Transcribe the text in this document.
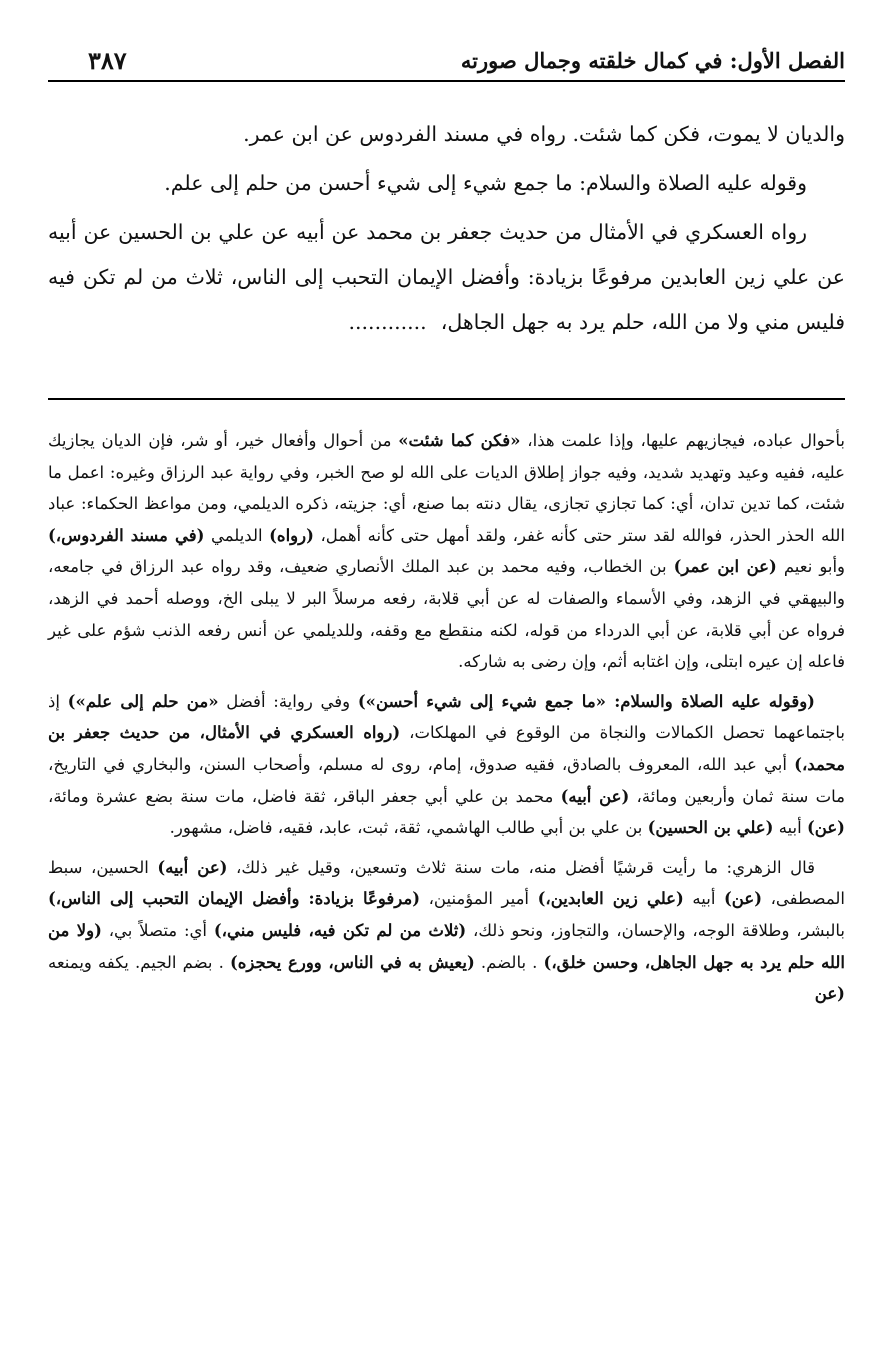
الفصل الأول: في كمال خلقته وجمال صورته
٣٨٧

والديان لا يموت، فكن كما شئت. رواه في مسند الفردوس عن ابن عمر.

وقوله عليه الصلاة والسلام: ما جمع شيء إلى شيء أحسن من حلم إلى علم.

رواه العسكري في الأمثال من حديث جعفر بن محمد عن أبيه عن علي بن الحسين عن أبيه عن علي زين العابدين مرفوعًا بزيادة: وأفضل الإيمان التحبب إلى الناس، ثلاث من لم تكن فيه فليس مني ولا من الله، حلم يرد به جهل الجاهل،............

بأحوال عباده، فيجازيهم عليها، وإذا علمت هذا، «فكن كما شئت» من أحوال وأفعال خير، أو شر، فإن الديان يجازيك عليه، ففيه وعيد وتهديد شديد، وفيه جواز إطلاق الديات على الله لو صح الخبر، وفي رواية عبد الرزاق وغيره: اعمل ما شئت، كما تدين تدان، أي: كما تجازي تجازى، يقال دنته بما صنع، أي: جزيته، ذكره الديلمي، ومن مواعظ الحكماء: عباد الله الحذر الحذر، فوالله لقد ستر حتى كأنه غفر، ولقد أمهل حتى كأنه أهمل، (رواه) الديلمي (في مسند الفردوس،) وأبو نعيم (عن ابن عمر) بن الخطاب، وفيه محمد بن عبد الملك الأنصاري ضعيف، وقد رواه عبد الرزاق في جامعه، والبيهقي في الزهد، وفي الأسماء والصفات له عن أبي قلابة، رفعه مرسلاً البر لا يبلى الخ، ووصله أحمد في الزهد، فرواه عن أبي قلابة، عن أبي الدرداء من قوله، لكنه منقطع مع وقفه، وللديلمي عن أنس رفعه الذنب شؤم على غير فاعله إن عيره ابتلى، وإن اغتابه أثم، وإن رضى به شاركه.

(وقوله عليه الصلاة والسلام: «ما جمع شيء إلى شيء أحسن») وفي رواية: أفضل «من حلم إلى علم») إذ باجتماعهما تحصل الكمالات والنجاة من الوقوع في المهلكات، (رواه العسكري في الأمثال، من حديث جعفر بن محمد،) أبي عبد الله، المعروف بالصادق، فقيه صدوق، إمام، روى له مسلم، وأصحاب السنن، والبخاري في التاريخ، مات سنة ثمان وأربعين ومائة، (عن أبيه) محمد بن علي أبي جعفر الباقر، ثقة فاضل، مات سنة بضع عشرة ومائة، (عن) أبيه (علي بن الحسين) بن علي بن أبي طالب الهاشمي، ثقة، ثبت، عابد، فقيه، فاضل، مشهور.

قال الزهري: ما رأيت قرشيًا أفضل منه، مات سنة ثلاث وتسعين، وقيل غير ذلك، (عن أبيه) الحسين، سبط المصطفى، (عن) أبيه (علي زين العابدين،) أمير المؤمنين، (مرفوعًا بزيادة: وأفضل الإيمان التحبب إلى الناس،) بالبشر، وطلاقة الوجه، والإحسان، والتجاوز، ونحو ذلك، (ثلاث من لم تكن فيه، فليس مني،) أي: متصلاً بي، (ولا من الله حلم يرد به جهل الجاهل، وحسن خلق،) . بالضم. (يعيش به في الناس، وورع يحجزه) . بضم الجيم. يكفه ويمنعه (عن
